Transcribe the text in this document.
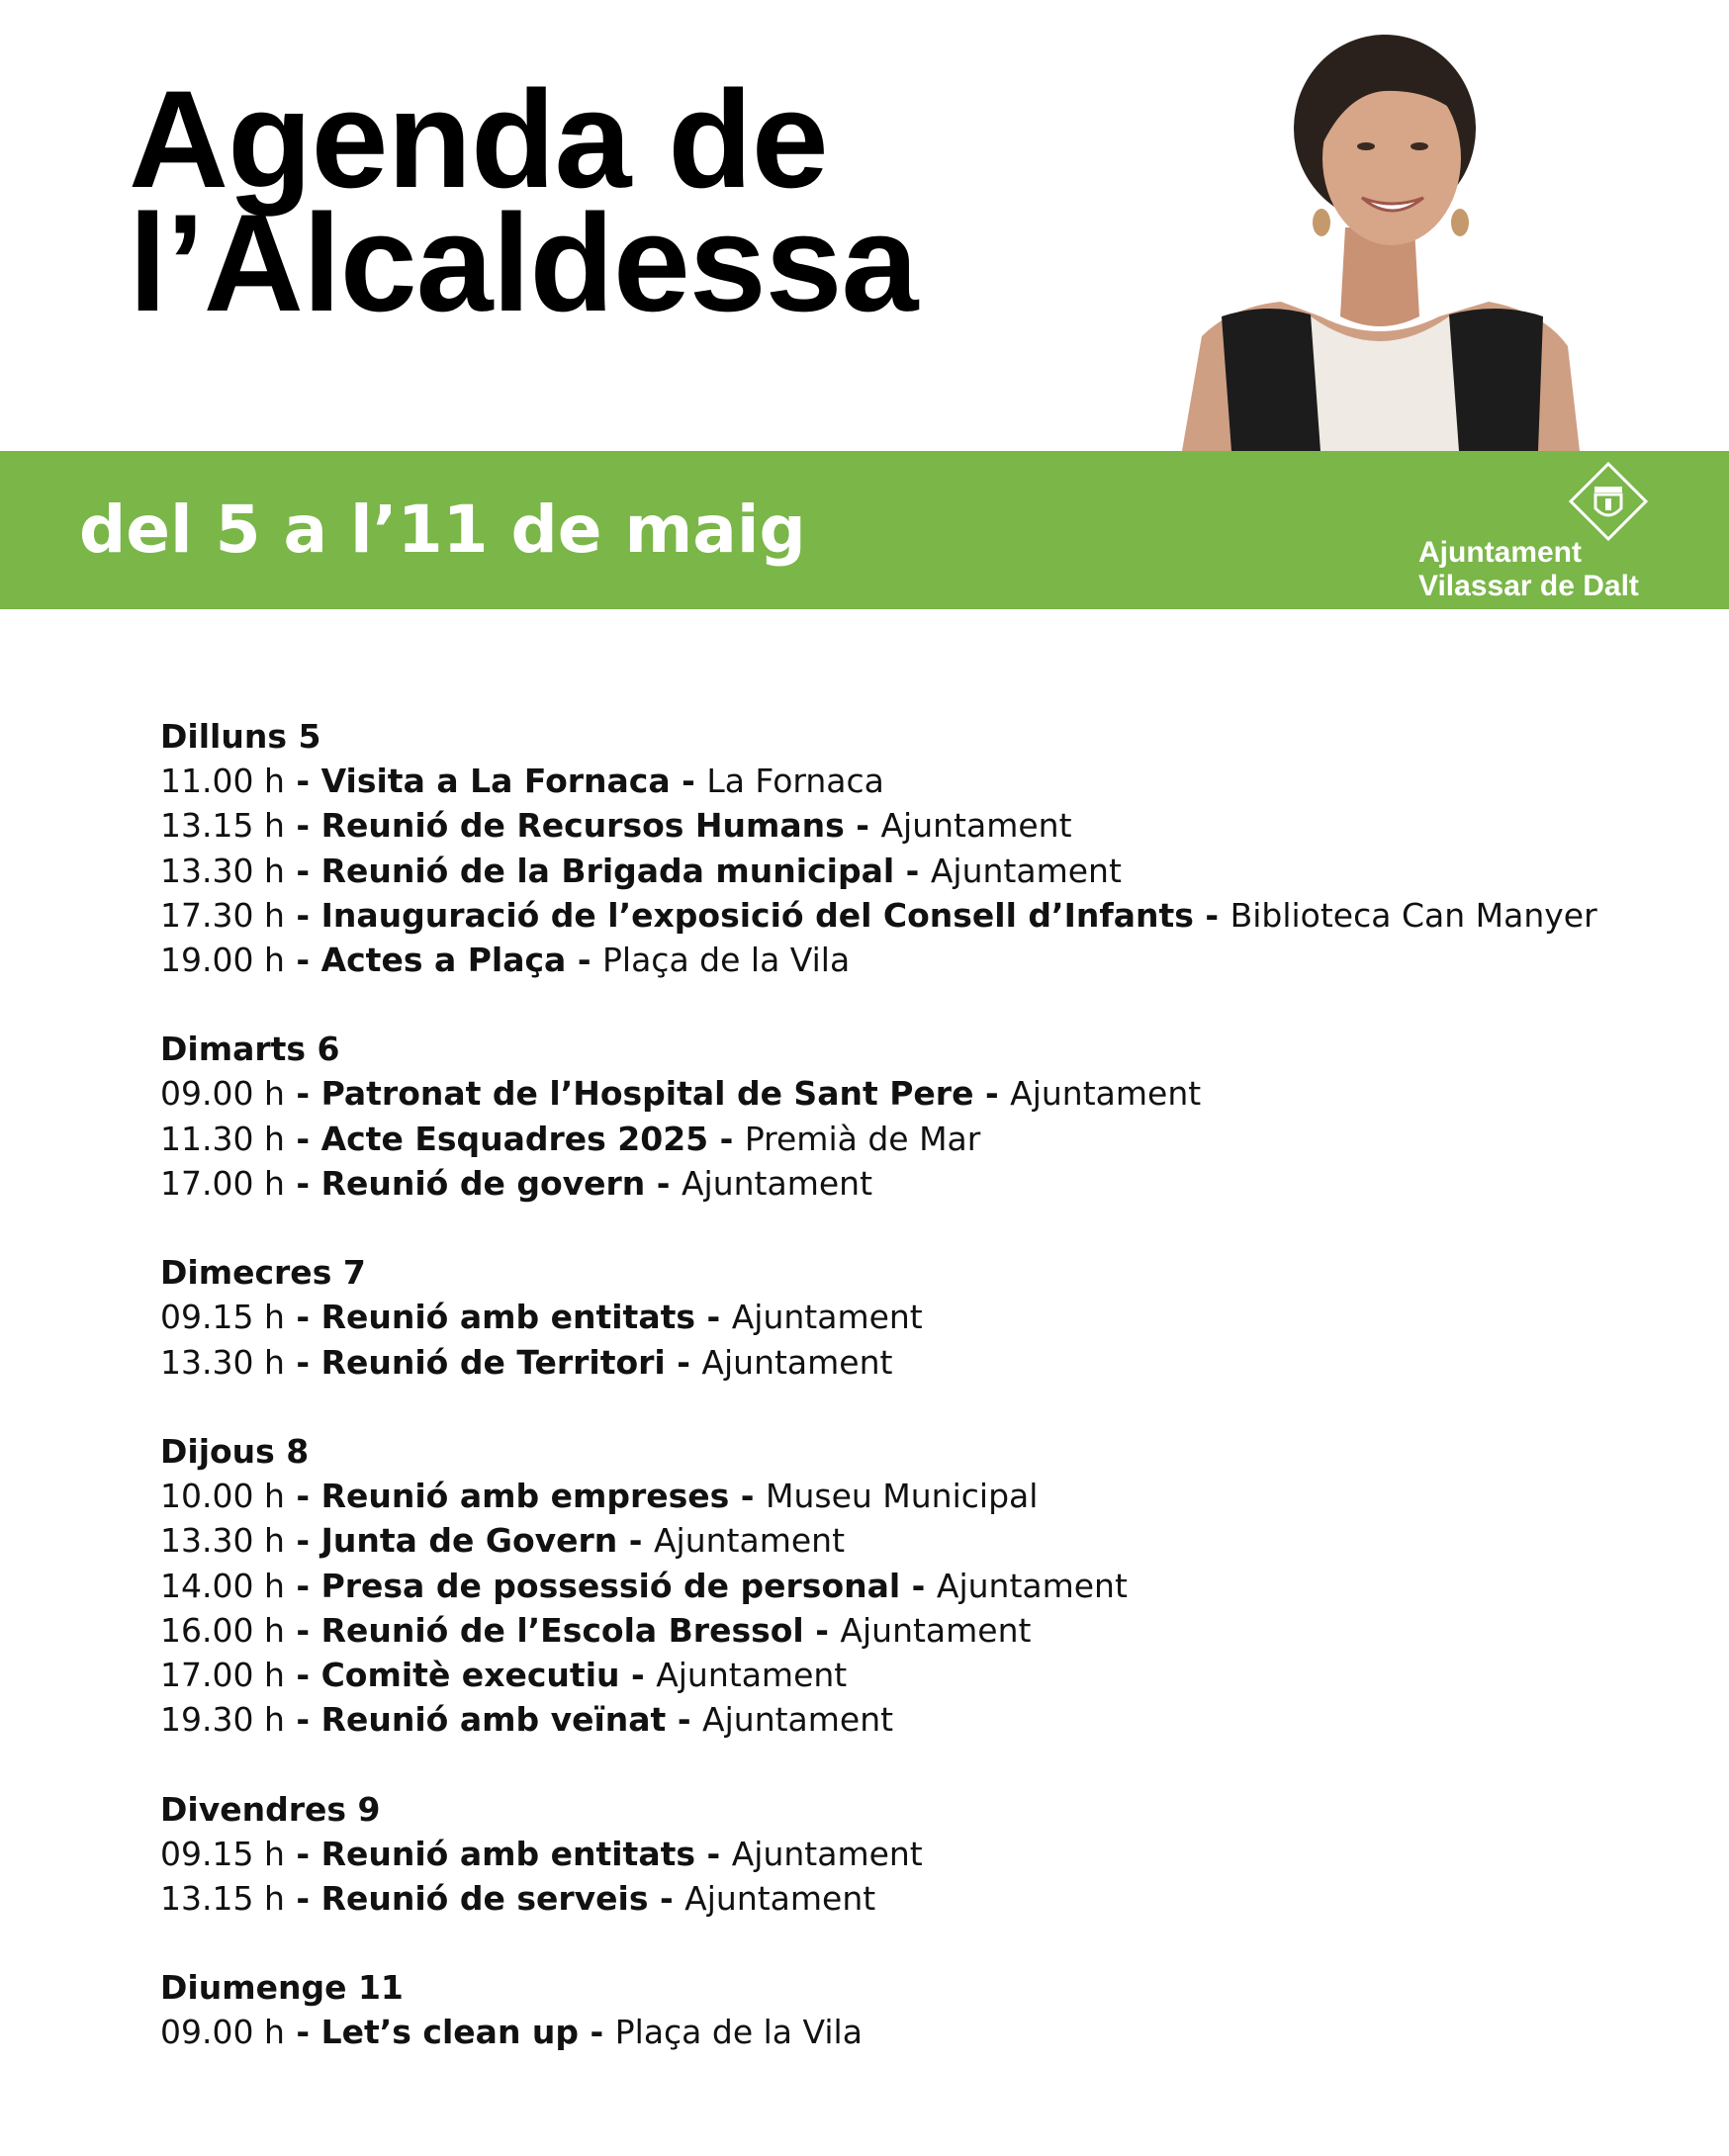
Agenda de
l’Alcaldessa
del 5 a l’11 de maig	Ajuntament
Vilassar de Dalt
Dilluns 5
11.00 h - Visita a La Fornaca - La Fornaca
13.15 h - Reunió de Recursos Humans - Ajuntament
13.30 h - Reunió de la Brigada municipal - Ajuntament
17.30 h - Inauguració de l’exposició del Consell d’Infants - Biblioteca Can Manyer
19.00 h - Actes a Plaça - Plaça de la Vila
Dimarts 6
09.00 h - Patronat de l’Hospital de Sant Pere - Ajuntament
11.30 h - Acte Esquadres 2025 - Premià de Mar
17.00 h - Reunió de govern - Ajuntament
Dimecres 7
09.15 h - Reunió amb entitats - Ajuntament
13.30 h - Reunió de Territori - Ajuntament
Dijous 8
10.00 h - Reunió amb empreses - Museu Municipal
13.30 h - Junta de Govern - Ajuntament
14.00 h - Presa de possessió de personal - Ajuntament
16.00 h - Reunió de l’Escola Bressol - Ajuntament
17.00 h - Comitè executiu - Ajuntament
19.30 h - Reunió amb veïnat - Ajuntament
Divendres 9
09.15 h - Reunió amb entitats - Ajuntament
13.15 h - Reunió de serveis - Ajuntament
Diumenge 11
09.00 h - Let’s clean up - Plaça de la Vila
